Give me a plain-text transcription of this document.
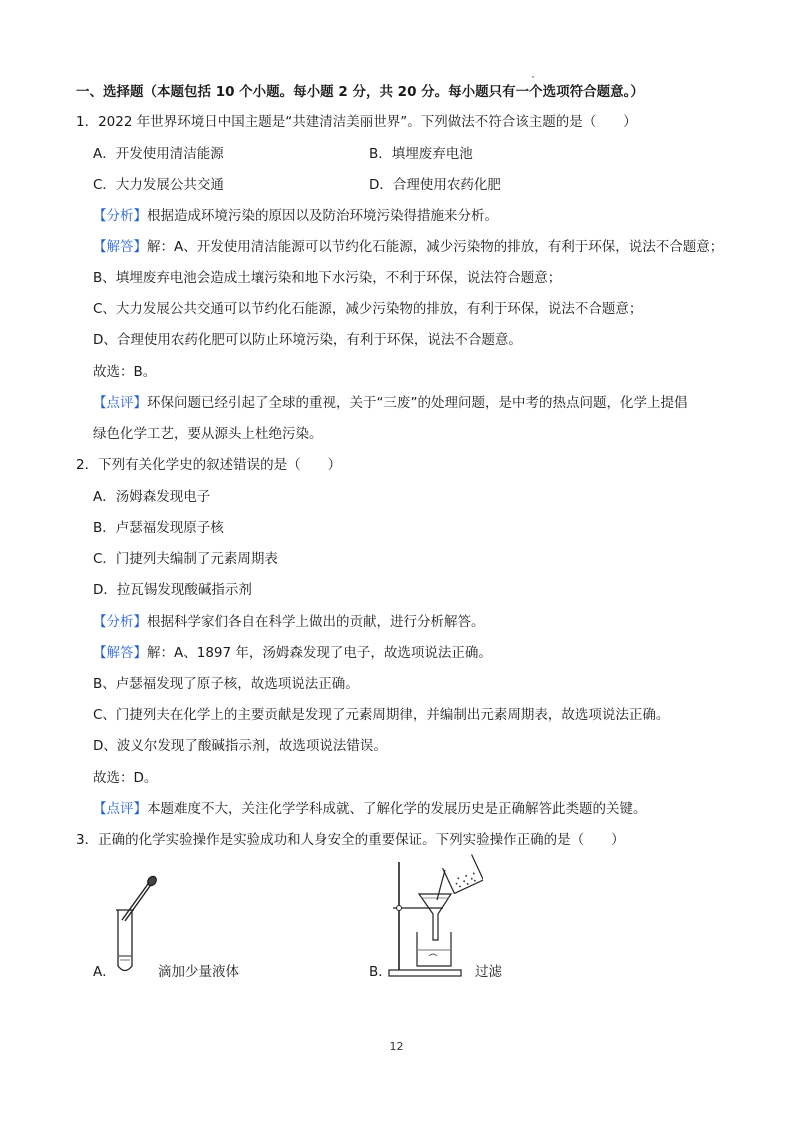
一、选择题（本题包括 10 个小题。每小题 2 分，共 20 分。每小题只有一个选项符合题意。）
1．2022 年世界环境日中国主题是“共建清洁美丽世界”。下列做法不符合该主题的是（　　）
A．开发使用清洁能源	B．填埋废弃电池
C．大力发展公共交通	D．合理使用农药化肥
【分析】根据造成环境污染的原因以及防治环境污染得措施来分析。
【解答】解：A、开发使用清洁能源可以节约化石能源，减少污染物的排放，有利于环保，说法不合题意；
B、填埋废弃电池会造成土壤污染和地下水污染，不利于环保，说法符合题意；
C、大力发展公共交通可以节约化石能源，减少污染物的排放，有利于环保，说法不合题意；
D、合理使用农药化肥可以防止环境污染，有利于环保，说法不合题意。
故选：B。
【点评】环保问题已经引起了全球的重视，关于“三废”的处理问题，是中考的热点问题，化学上提倡
绿色化学工艺，要从源头上杜绝污染。
2．下列有关化学史的叙述错误的是（　　）
A．汤姆森发现电子
B．卢瑟福发现原子核
C．门捷列夫编制了元素周期表
D．拉瓦锡发现酸碱指示剂
【分析】根据科学家们各自在科学上做出的贡献，进行分析解答。
【解答】解：A、1897 年，汤姆森发现了电子，故选项说法正确。
B、卢瑟福发现了原子核，故选项说法正确。
C、门捷列夫在化学上的主要贡献是发现了元素周期律，并编制出元素周期表，故选项说法正确。
D、波义尔发现了酸碱指示剂，故选项说法错误。
故选：D。
【点评】本题难度不大，关注化学学科成就、了解化学的发展历史是正确解答此类题的关键。
3．正确的化学实验操作是实验成功和人身安全的重要保证。下列实验操作正确的是（　　）
A．	滴加少量液体	B．	过滤
12
